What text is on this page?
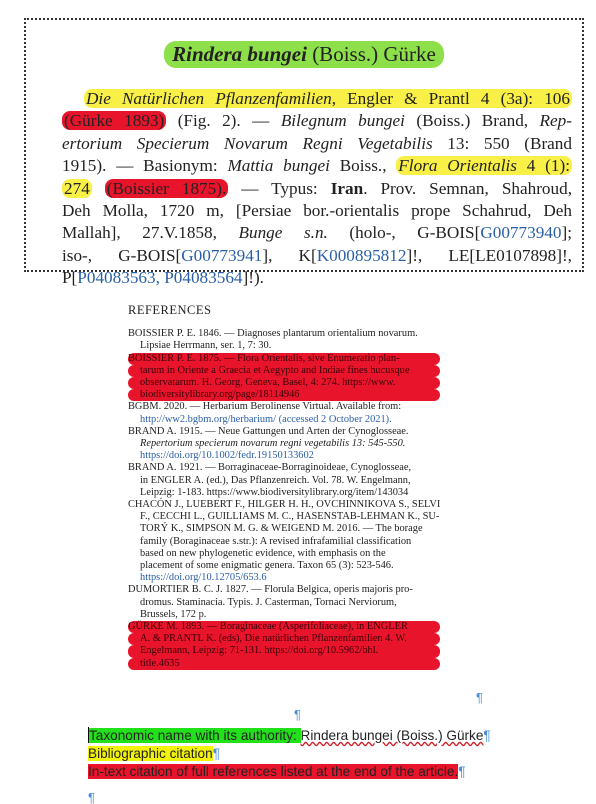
Rindera bungei (Boiss.) Gürke
Die Natürlichen Pflanzenfamilien, Engler & Prantl 4 (3a): 106
(Gürke 1893) (Fig. 2). — Bilegnum bungei (Boiss.) Brand, Rep-
ertorium Specierum Novarum Regni Vegetabilis 13: 550 (Brand
1915). — Basionym: Mattia bungei Boiss., Flora Orientalis 4 (1):
274 (Boissier 1875). — Typus: Iran. Prov. Semnan, Shahroud,
Deh Molla, 1720 m, [Persiae bor.-orientalis prope Schahrud, Deh
Mallah], 27.V.1858, Bunge s.n. (holo-, G-BOIS[G00773940];
iso-, G-BOIS[G00773941], K[K000895812]!, LE[LE0107898]!,
P[P04083563, P04083564]!).
REFERENCES
BOISSIER P. E. 1846. — Diagnoses plantarum orientalium novarum.
Lipsiae Herrmann, ser. 1, 7: 30.
BOISSIER P. E. 1875. — Flora Orientalis, sive Enumeratio plan-
tarum in Oriente a Graecia et Aegypto and Indiae fines hucusque
observatarum. H. Georg, Geneva, Basel, 4: 274. https://www.
biodiversitylibrary.org/page/18114946
BGBM. 2020. — Herbarium Berolinense Virtual. Available from:
http://ww2.bgbm.org/herbarium/ (accessed 2 October 2021).
BRAND A. 1915. — Neue Gattungen und Arten der Cynoglosseae.
Repertorium specierum novarum regni vegetabilis 13: 545-550.
https://doi.org/10.1002/fedr.19150133602
BRAND A. 1921. — Borraginaceae-Borraginoideae, Cynoglosseae,
in ENGLER A. (ed.), Das Pflanzenreich. Vol. 78. W. Engelmann,
Leipzig: 1-183. https://www.biodiversitylibrary.org/item/143034
CHACÓN J., LUEBERT F., HILGER H. H., OVCHINNIKOVA S., SELVI
F., CECCHI L., GUILLIAMS M. C., HASENSTAB-LEHMAN K., SU-
TORÝ K., SIMPSON M. G. & WEIGEND M. 2016. — The borage
family (Boraginaceae s.str.): A revised infrafamilial classification
based on new phylogenetic evidence, with emphasis on the
placement of some enigmatic genera. Taxon 65 (3): 523-546.
https://doi.org/10.12705/653.6
DUMORTIER B. C. J. 1827. — Florula Belgica, operis majoris pro-
dromus. Staminacia. Typis. J. Casterman, Tornaci Nerviorum,
Brussels, 172 p.
GÜRKE M. 1893. — Boraginaceae (Asperifoliaceae), in ENGLER
A. & PRANTL K. (eds), Die natürlichen Pflanzenfamilien 4. W.
Engelmann, Leipzig: 71-131. https://doi.org/10.5962/bhl.
title.4635
¶
¶
Taxonomic name with its authority: Rindera bungei (Boiss.) Gürke¶
Bibliographic citation¶
In-text citation of full references listed at the end of the article.¶
¶
